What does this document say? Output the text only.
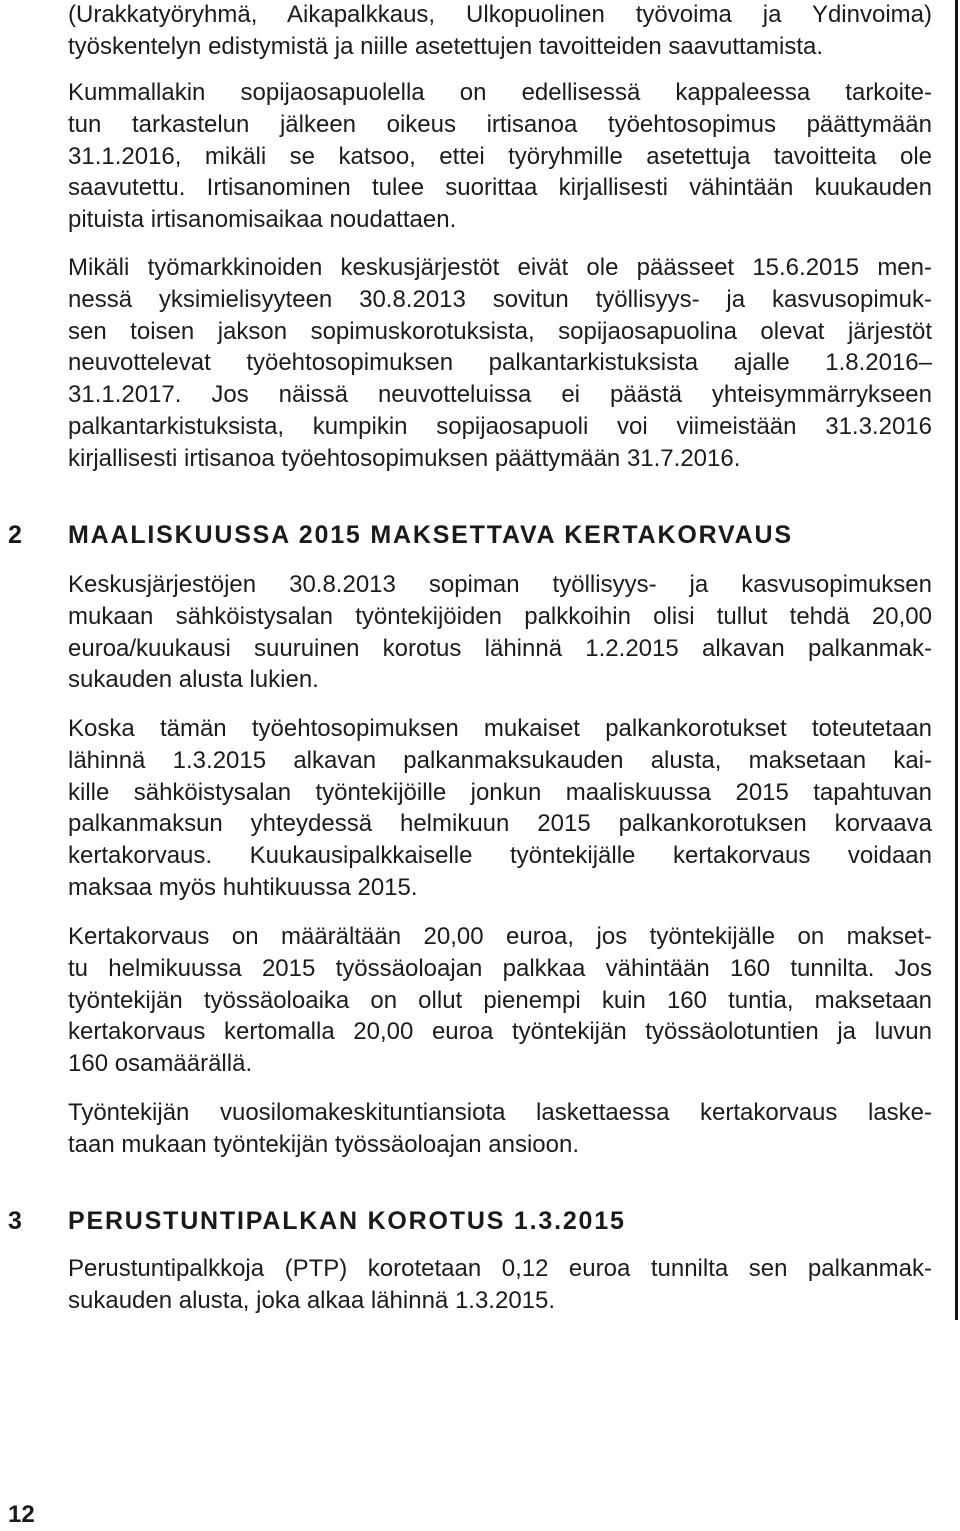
(Urakkatyöryhmä, Aikapalkkaus, Ulkopuolinen työvoima ja Ydinvoima)
työskentelyn edistymistä ja niille asetettujen tavoitteiden saavuttamista.
Kummallakin sopijaosapuolella on edellisessä kappaleessa tarkoite-
tun tarkastelun jälkeen oikeus irtisanoa työehtosopimus päättymään
31.1.2016, mikäli se katsoo, ettei työryhmille asetettuja tavoitteita ole
saavutettu. Irtisanominen tulee suorittaa kirjallisesti vähintään kuukauden
pituista irtisanomisaikaa noudattaen.
Mikäli työmarkkinoiden keskusjärjestöt eivät ole päässeet 15.6.2015 men-
nessä yksimielisyyteen 30.8.2013 sovitun työllisyys- ja kasvusopimuk-
sen toisen jakson sopimuskorotuksista, sopijaosapuolina olevat järjestöt
neuvottelevat työehtosopimuksen palkantarkistuksista ajalle 1.8.2016–
31.1.2017. Jos näissä neuvotteluissa ei päästä yhteisymmärrykseen
palkantarkistuksista, kumpikin sopijaosapuoli voi viimeistään 31.3.2016
kirjallisesti irtisanoa työehtosopimuksen päättymään 31.7.2016.
2 MAALISKUUSSA 2015 MAKSETTAVA KERTAKORVAUS
Keskusjärjestöjen 30.8.2013 sopiman työllisyys- ja kasvusopimuksen
mukaan sähköistysalan työntekijöiden palkkoihin olisi tullut tehdä 20,00
euroa/kuukausi suuruinen korotus lähinnä 1.2.2015 alkavan palkanmak-
sukauden alusta lukien.
Koska tämän työehtosopimuksen mukaiset palkankorotukset toteutetaan
lähinnä 1.3.2015 alkavan palkanmaksukauden alusta, maksetaan kai-
kille sähköistysalan työntekijöille jonkun maaliskuussa 2015 tapahtuvan
palkanmaksun yhteydessä helmikuun 2015 palkankorotuksen korvaava
kertakorvaus. Kuukausipalkkaiselle työntekijälle kertakorvaus voidaan
maksaa myös huhtikuussa 2015.
Kertakorvaus on määrältään 20,00 euroa, jos työntekijälle on makset-
tu helmikuussa 2015 työssäoloajan palkkaa vähintään 160 tunnilta. Jos
työntekijän työssäoloaika on ollut pienempi kuin 160 tuntia, maksetaan
kertakorvaus kertomalla 20,00 euroa työntekijän työssäolotuntien ja luvun
160 osamäärällä.
Työntekijän vuosilomakeskituntiansiota laskettaessa kertakorvaus laske-
taan mukaan työntekijän työssäoloajan ansioon.
3 PERUSTUNTIPALKAN KOROTUS 1.3.2015
Perustuntipalkkoja (PTP) korotetaan 0,12 euroa tunnilta sen palkanmak-
sukauden alusta, joka alkaa lähinnä 1.3.2015.
12
